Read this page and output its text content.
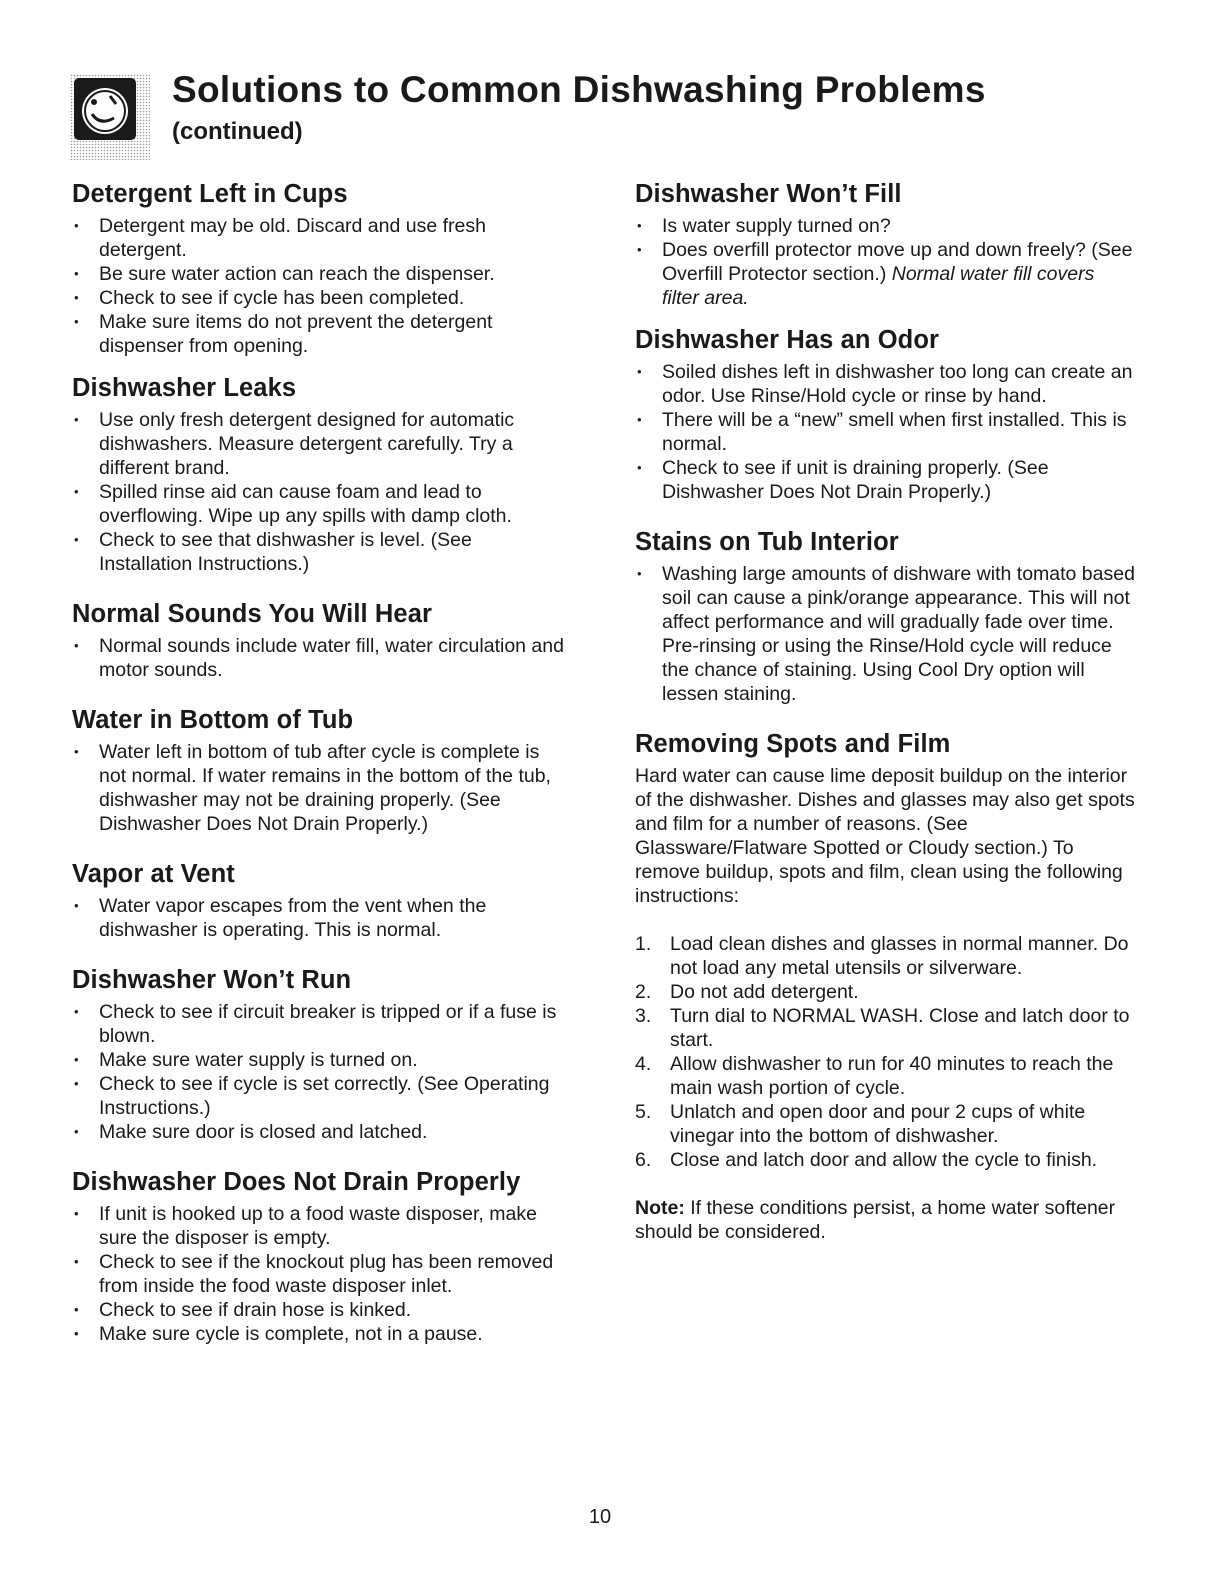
Solutions to Common Dishwashing Problems
(continued)
Detergent Left in Cups
• Detergent may be old. Discard and use fresh detergent.
• Be sure water action can reach the dispenser.
• Check to see if cycle has been completed.
• Make sure items do not prevent the detergent dispenser from opening.
Dishwasher Leaks
• Use only fresh detergent designed for automatic dishwashers. Measure detergent carefully. Try a different brand.
• Spilled rinse aid can cause foam and lead to overflowing. Wipe up any spills with damp cloth.
• Check to see that dishwasher is level. (See Installation Instructions.)
Normal Sounds You Will Hear
• Normal sounds include water fill, water circulation and motor sounds.
Water in Bottom of Tub
• Water left in bottom of tub after cycle is complete is not normal. If water remains in the bottom of the tub, dishwasher may not be draining properly. (See Dishwasher Does Not Drain Properly.)
Vapor at Vent
• Water vapor escapes from the vent when the dishwasher is operating. This is normal.
Dishwasher Won’t Run
• Check to see if circuit breaker is tripped or if a fuse is blown.
• Make sure water supply is turned on.
• Check to see if cycle is set correctly. (See Operating Instructions.)
• Make sure door is closed and latched.
Dishwasher Does Not Drain Properly
• If unit is hooked up to a food waste disposer, make sure the disposer is empty.
• Check to see if the knockout plug has been removed from inside the food waste disposer inlet.
• Check to see if drain hose is kinked.
• Make sure cycle is complete, not in a pause.
Dishwasher Won’t Fill
• Is water supply turned on?
• Does overfill protector move up and down freely? (See Overfill Protector section.) Normal water fill covers filter area.
Dishwasher Has an Odor
• Soiled dishes left in dishwasher too long can create an odor. Use Rinse/Hold cycle or rinse by hand.
• There will be a “new” smell when first installed. This is normal.
• Check to see if unit is draining properly. (See Dishwasher Does Not Drain Properly.)
Stains on Tub Interior
• Washing large amounts of dishware with tomato based soil can cause a pink/orange appearance. This will not affect performance and will gradually fade over time. Pre-rinsing or using the Rinse/Hold cycle will reduce the chance of staining. Using Cool Dry option will lessen staining.
Removing Spots and Film

Hard water can cause lime deposit buildup on the interior of the dishwasher. Dishes and glasses may also get spots and film for a number of reasons. (See Glassware/Flatware Spotted or Cloudy section.) To remove buildup, spots and film, clean using the following instructions:

1. Load clean dishes and glasses in normal manner. Do not load any metal utensils or silverware.
2. Do not add detergent.
3. Turn dial to NORMAL WASH. Close and latch door to start.
4. Allow dishwasher to run for 40 minutes to reach the main wash portion of cycle.
5. Unlatch and open door and pour 2 cups of white vinegar into the bottom of dishwasher.
6. Close and latch door and allow the cycle to finish.

Note: If these conditions persist, a home water softener should be considered.

10
